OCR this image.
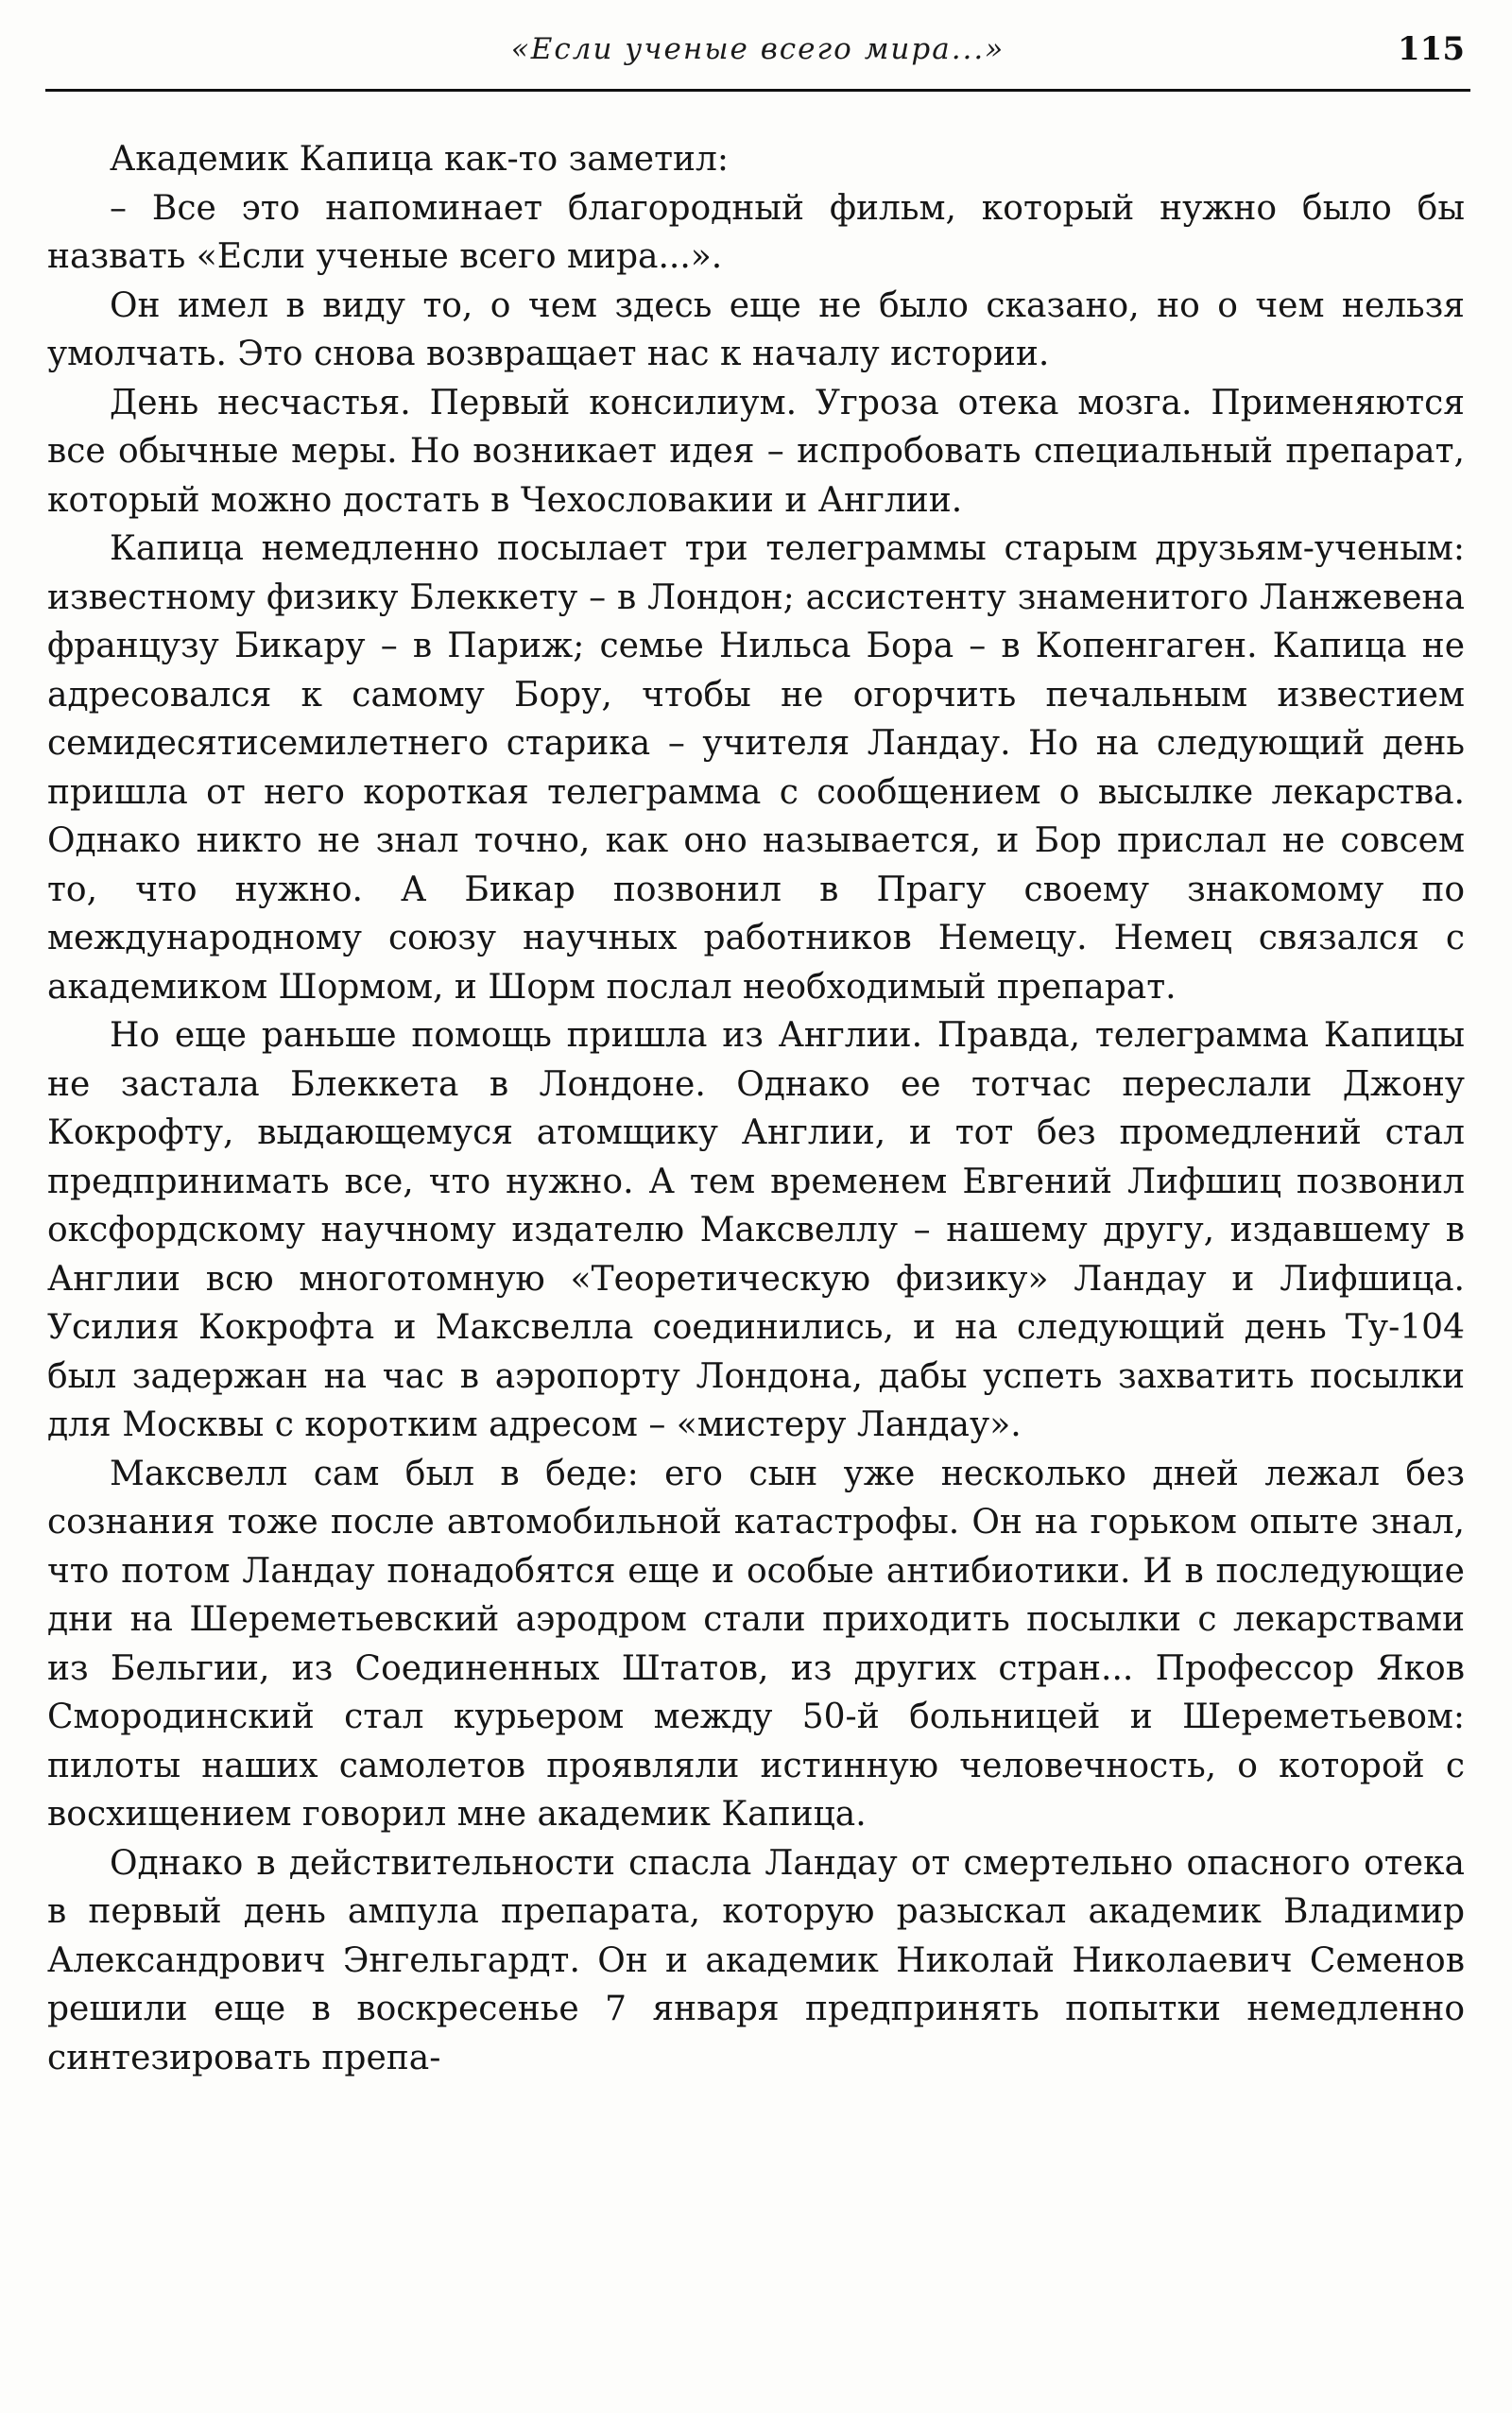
«Если ученые всего мира...»	115

Академик Капица как-то заметил:

– Все это напоминает благородный фильм, который нужно было бы назвать «Если ученые всего мира...».

Он имел в виду то, о чем здесь еще не было сказано, но о чем нельзя умолчать. Это снова возвращает нас к началу истории.

День несчастья. Первый консилиум. Угроза отека мозга. Применяются все обычные меры. Но возникает идея – испробовать специальный препарат, который можно достать в Чехословакии и Англии.

Капица немедленно посылает три телеграммы старым друзьям-ученым: известному физику Блеккету – в Лондон; ассистенту знаменитого Ланжевена французу Бикару – в Париж; семье Нильса Бора – в Копенгаген. Капица не адресовался к самому Бору, чтобы не огорчить печальным известием семидесятисемилетнего старика – учителя Ландау. Но на следующий день пришла от него короткая телеграмма с сообщением о высылке лекарства. Однако никто не знал точно, как оно называется, и Бор прислал не совсем то, что нужно. А Бикар позвонил в Прагу своему знакомому по международному союзу научных работников Немецу. Немец связался с академиком Шормом, и Шорм послал необходимый препарат.

Но еще раньше помощь пришла из Англии. Правда, телеграмма Капицы не застала Блеккета в Лондоне. Однако ее тотчас переслали Джону Кокрофту, выдающемуся атомщику Англии, и тот без промедлений стал предпринимать все, что нужно. А тем временем Евгений Лифшиц позвонил оксфордскому научному издателю Максвеллу – нашему другу, издавшему в Англии всю многотомную «Теоретическую физику» Ландау и Лифшица. Усилия Кокрофта и Максвелла соединились, и на следующий день Ту-104 был задержан на час в аэропорту Лондона, дабы успеть захватить посылки для Москвы с коротким адресом – «мистеру Ландау».

Максвелл сам был в беде: его сын уже несколько дней лежал без сознания тоже после автомобильной катастрофы. Он на горьком опыте знал, что потом Ландау понадобятся еще и особые антибиотики. И в последующие дни на Шереметьевский аэродром стали приходить посылки с лекарствами из Бельгии, из Соединенных Штатов, из других стран... Профессор Яков Смородинский стал курьером между 50-й больницей и Шереметьевом: пилоты наших самолетов проявляли истинную человечность, о которой с восхищением говорил мне академик Капица.

Однако в действительности спасла Ландау от смертельно опасного отека в первый день ампула препарата, которую разыскал академик Владимир Александрович Энгельгардт. Он и академик Николай Николаевич Семенов решили еще в воскресенье 7 января предпринять попытки немедленно синтезировать препа-
